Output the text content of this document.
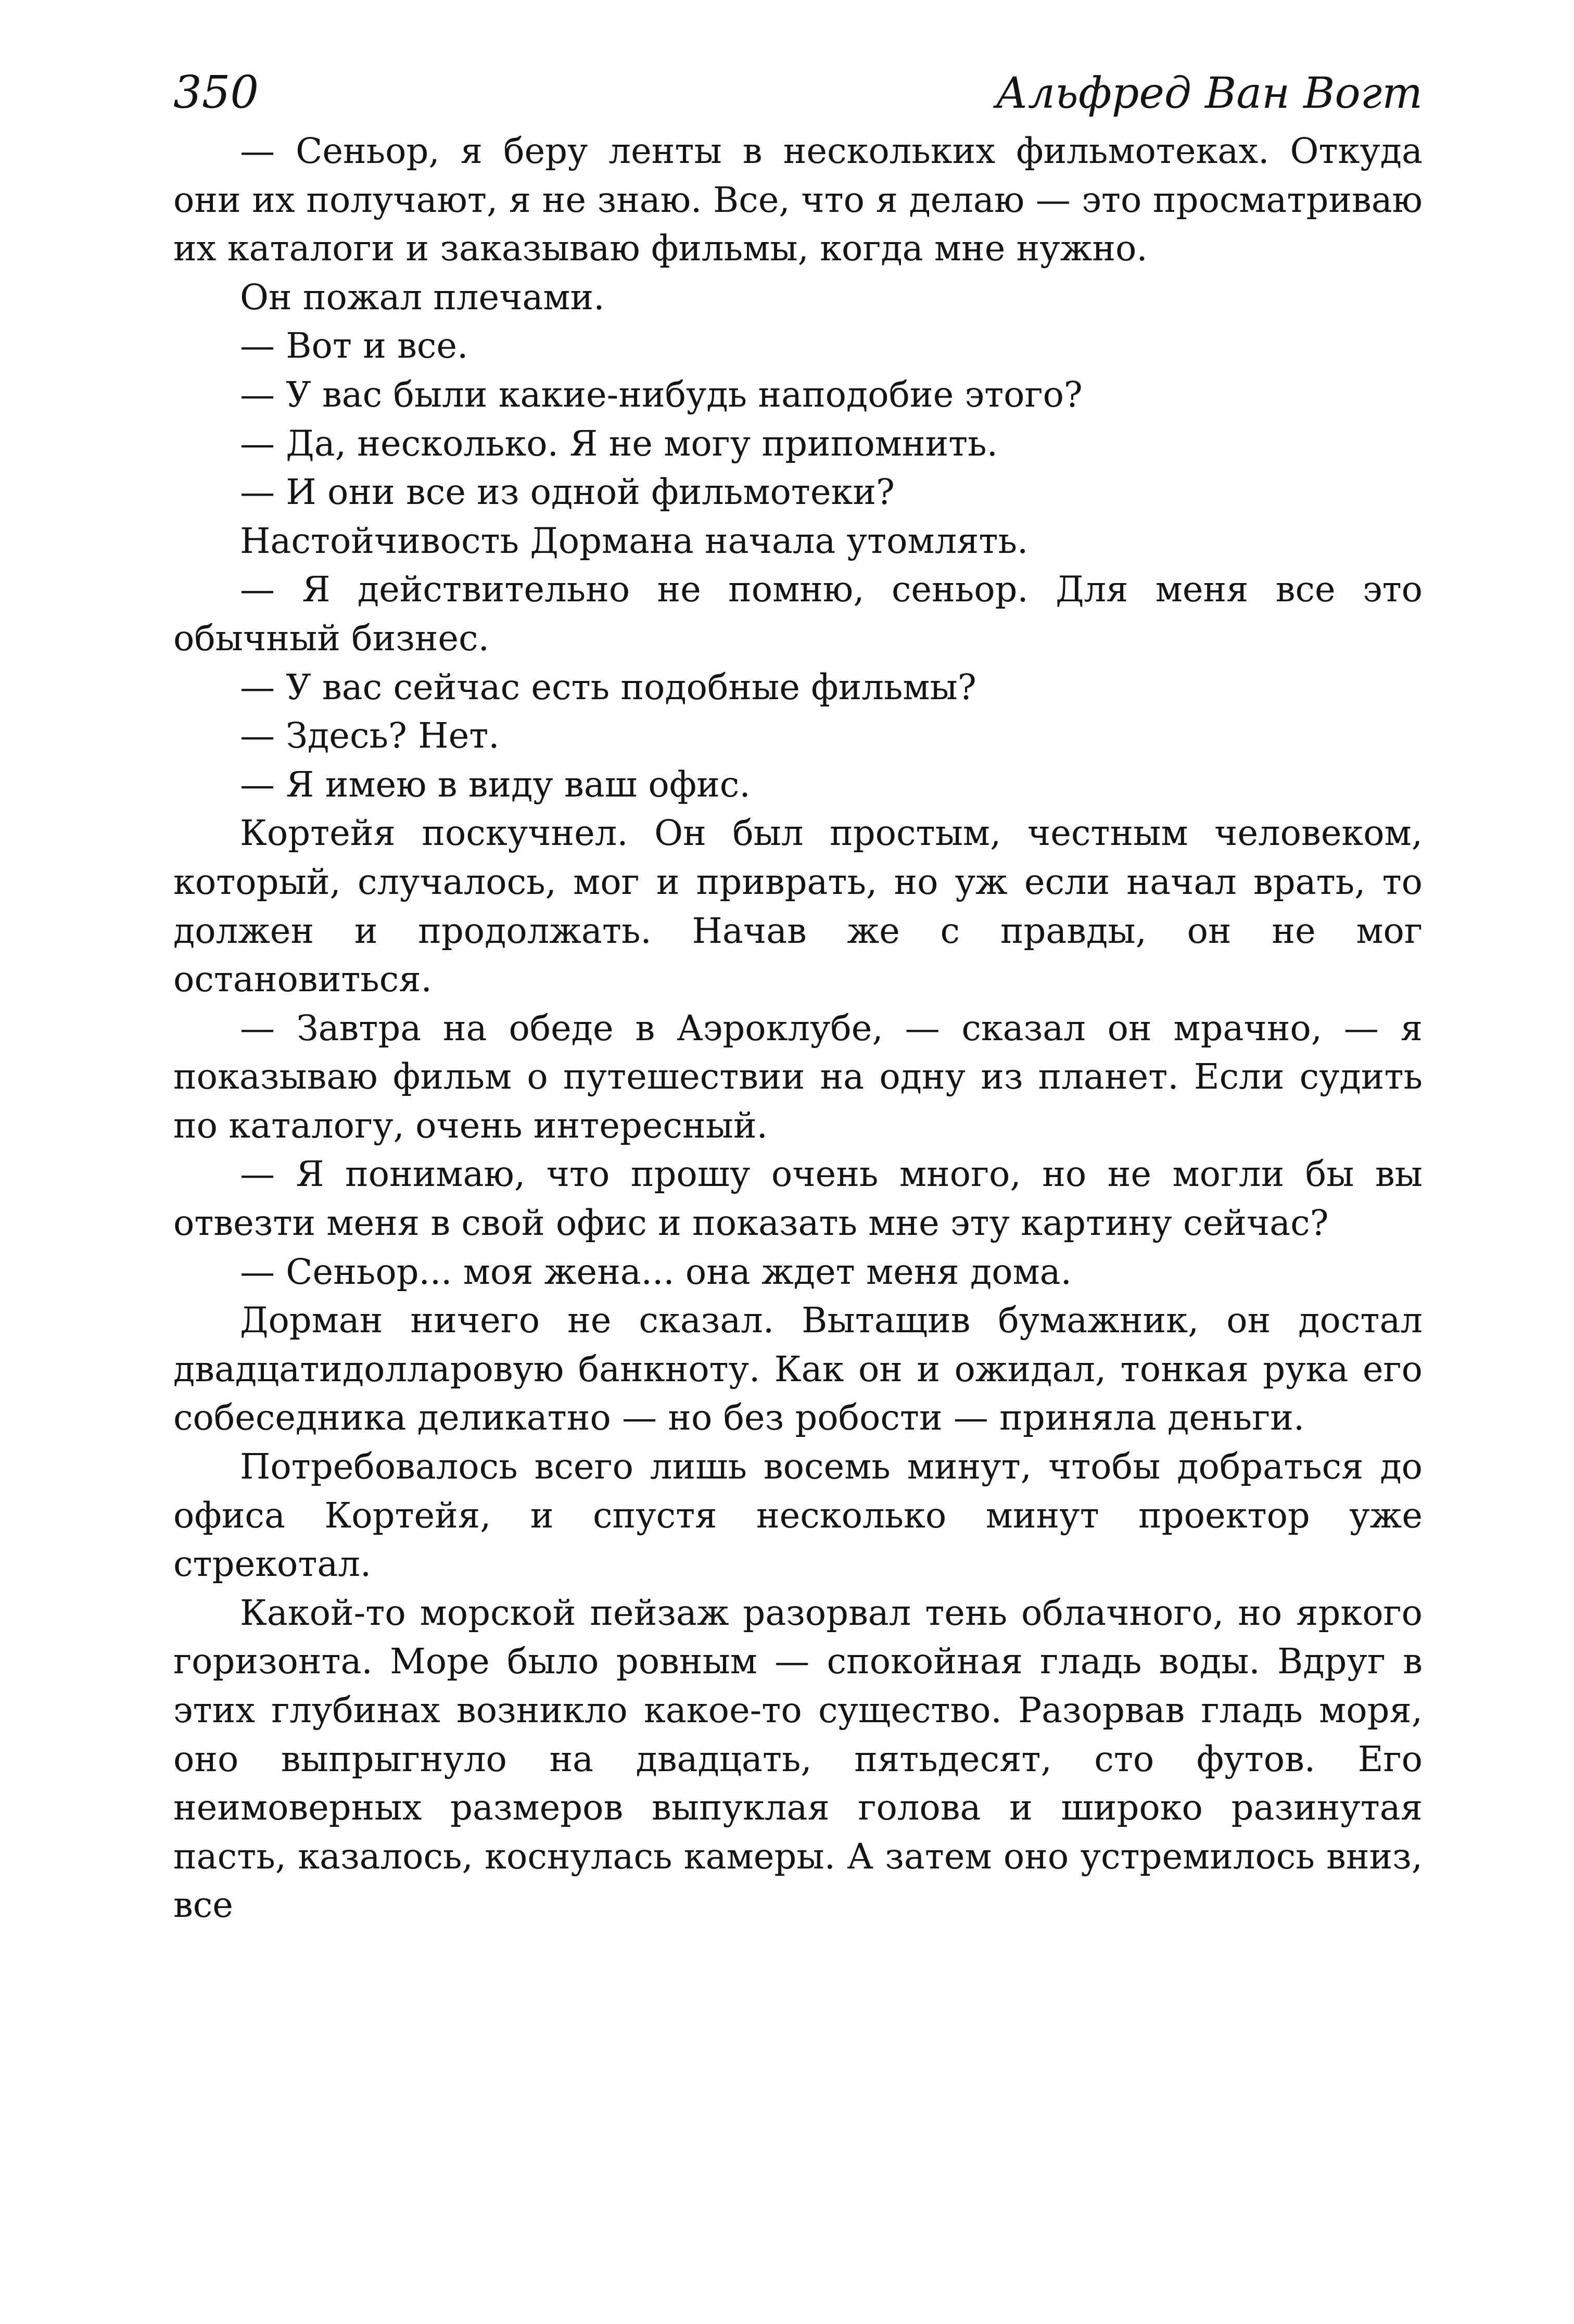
350	Альфред Ван Вогт

— Сеньор, я беру ленты в нескольких фильмотеках. Откуда они их получают, я не знаю. Все, что я делаю — это просматриваю их каталоги и заказываю фильмы, когда мне нужно.

Он пожал плечами.

— Вот и все.

— У вас были какие-нибудь наподобие этого?

— Да, несколько. Я не могу припомнить.

— И они все из одной фильмотеки?

Настойчивость Дормана начала утомлять.

— Я действительно не помню, сеньор. Для меня все это обычный бизнес.

— У вас сейчас есть подобные фильмы?

— Здесь? Нет.

— Я имею в виду ваш офис.

Кортейя поскучнел. Он был простым, честным человеком, который, случалось, мог и приврать, но уж если начал врать, то должен и продолжать. Начав же с правды, он не мог остановиться.

— Завтра на обеде в Аэроклубе, — сказал он мрачно, — я показываю фильм о путешествии на одну из планет. Если судить по каталогу, очень интересный.

— Я понимаю, что прошу очень много, но не могли бы вы отвезти меня в свой офис и показать мне эту картину сейчас?

— Сеньор... моя жена... она ждет меня дома.

Дорман ничего не сказал. Вытащив бумажник, он достал двадцатидолларовую банкноту. Как он и ожидал, тонкая рука его собеседника деликатно — но без робости — приняла деньги.

Потребовалось всего лишь восемь минут, чтобы добраться до офиса Кортейя, и спустя несколько минут проектор уже стрекотал.

Какой-то морской пейзаж разорвал тень облачного, но яркого горизонта. Море было ровным — спокойная гладь воды. Вдруг в этих глубинах возникло какое-то существо. Разорвав гладь моря, оно выпрыгнуло на двадцать, пятьдесят, сто футов. Его неимоверных размеров выпуклая голова и широко разинутая пасть, казалось, коснулась камеры. А затем оно устремилось вниз, все
